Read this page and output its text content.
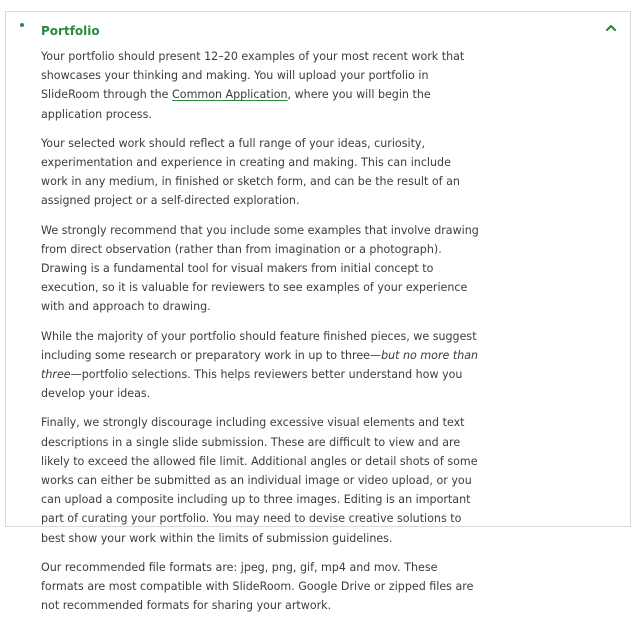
Portfolio

Your portfolio should present 12–20 examples of your most recent work that showcases your thinking and making. You will upload your portfolio in SlideRoom through the Common Application, where you will begin the application process.

Your selected work should reflect a full range of your ideas, curiosity, experimentation and experience in creating and making. This can include work in any medium, in finished or sketch form, and can be the result of an assigned project or a self-directed exploration.

We strongly recommend that you include some examples that involve drawing from direct observation (rather than from imagination or a photograph). Drawing is a fundamental tool for visual makers from initial concept to execution, so it is valuable for reviewers to see examples of your experience with and approach to drawing.

While the majority of your portfolio should feature finished pieces, we suggest including some research or preparatory work in up to three—but no more than three—portfolio selections. This helps reviewers better understand how you develop your ideas.

Finally, we strongly discourage including excessive visual elements and text descriptions in a single slide submission. These are difficult to view and are likely to exceed the allowed file limit. Additional angles or detail shots of some works can either be submitted as an individual image or video upload, or you can upload a composite including up to three images. Editing is an important part of curating your portfolio. You may need to devise creative solutions to best show your work within the limits of submission guidelines.

Our recommended file formats are: jpeg, png, gif, mp4 and mov. These formats are most compatible with SlideRoom. Google Drive or zipped files are not recommended formats for sharing your artwork.
